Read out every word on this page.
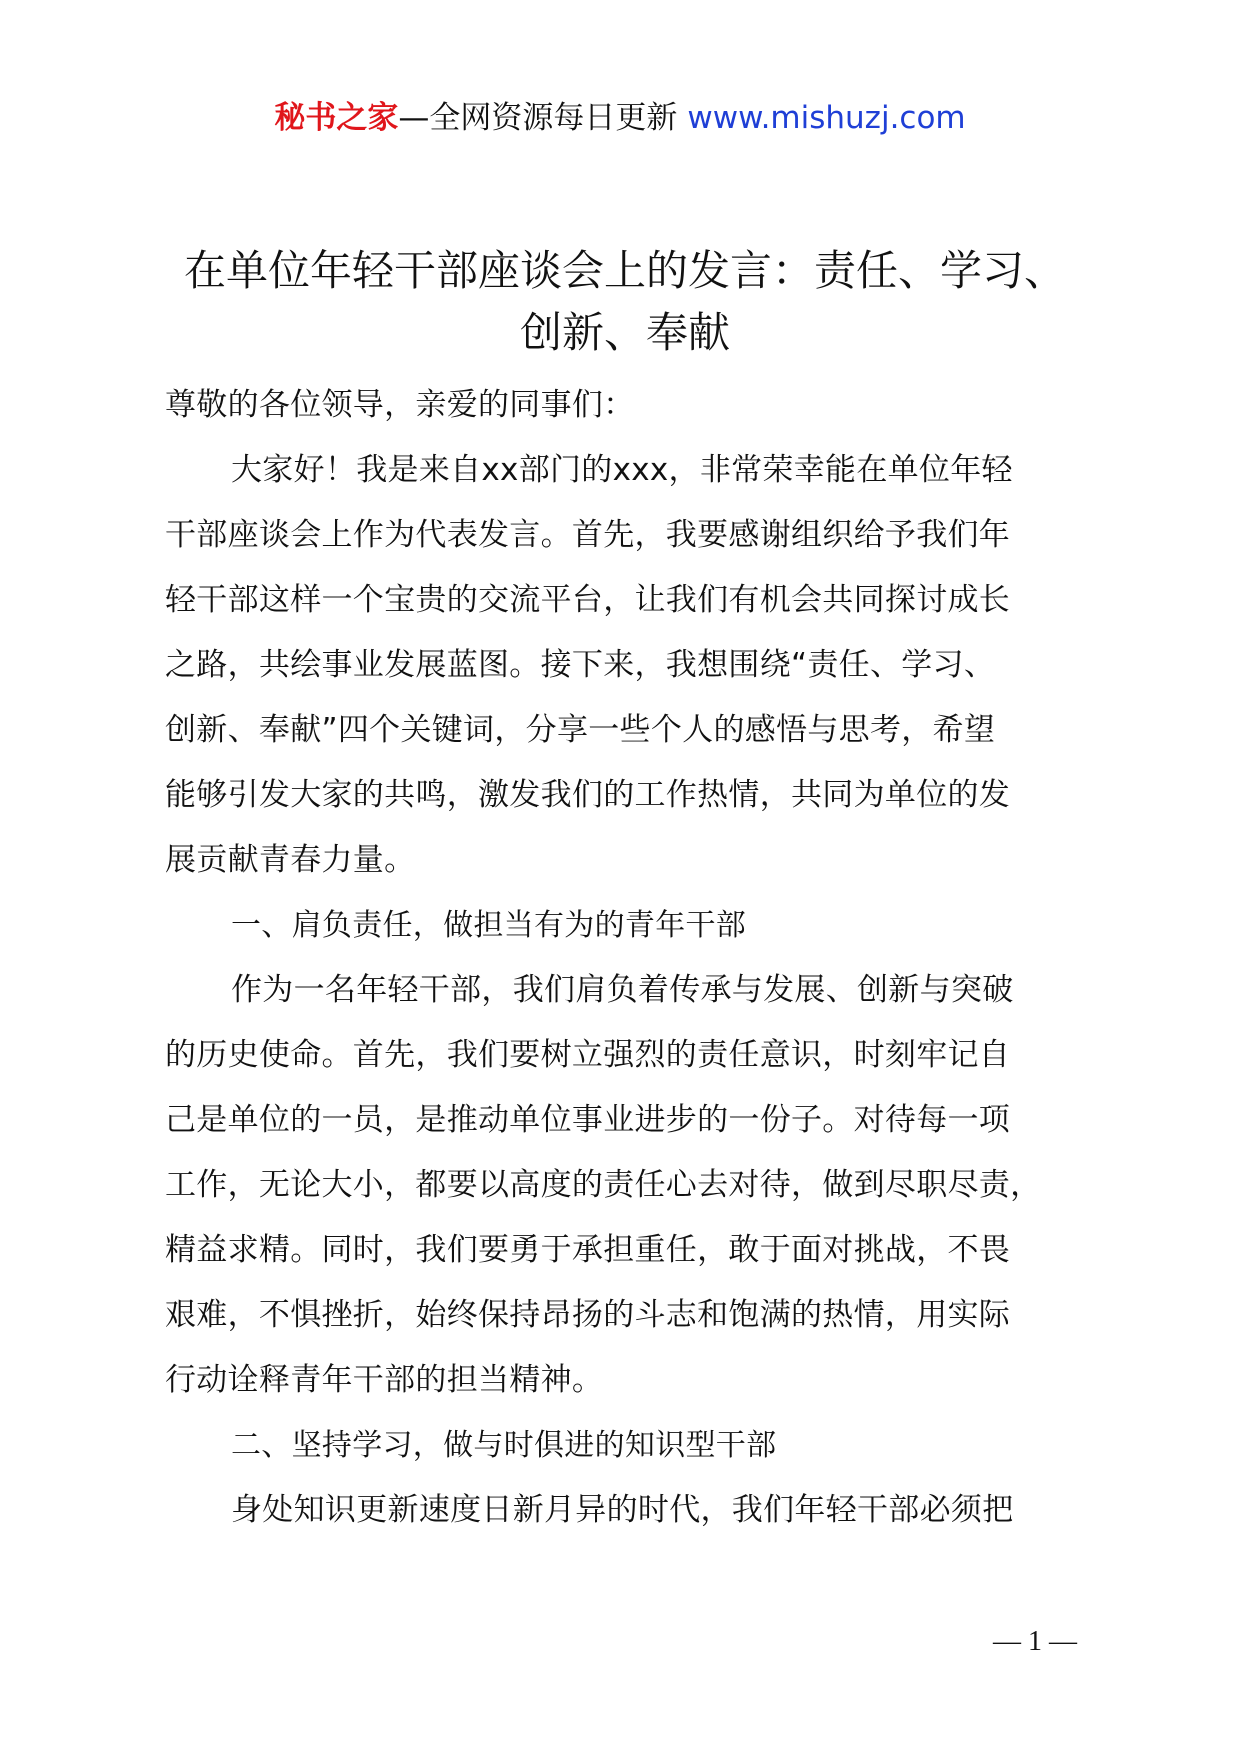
秘书之家—全网资源每日更新 www.mishuzj.com
在单位年轻干部座谈会上的发言：责任、学习、
创新、奉献
尊敬的各位领导，亲爱的同事们：
大家好！我是来自xx部门的xxx，非常荣幸能在单位年轻
干部座谈会上作为代表发言。首先，我要感谢组织给予我们年
轻干部这样一个宝贵的交流平台，让我们有机会共同探讨成长
之路，共绘事业发展蓝图。接下来，我想围绕“责任、学习、
创新、奉献”四个关键词，分享一些个人的感悟与思考，希望
能够引发大家的共鸣，激发我们的工作热情，共同为单位的发
展贡献青春力量。
一、肩负责任，做担当有为的青年干部
作为一名年轻干部，我们肩负着传承与发展、创新与突破
的历史使命。首先，我们要树立强烈的责任意识，时刻牢记自
己是单位的一员，是推动单位事业进步的一份子。对待每一项
工作，无论大小，都要以高度的责任心去对待，做到尽职尽责，
精益求精。同时，我们要勇于承担重任，敢于面对挑战，不畏
艰难，不惧挫折，始终保持昂扬的斗志和饱满的热情，用实际
行动诠释青年干部的担当精神。
二、坚持学习，做与时俱进的知识型干部
身处知识更新速度日新月异的时代，我们年轻干部必须把
— 1 —
